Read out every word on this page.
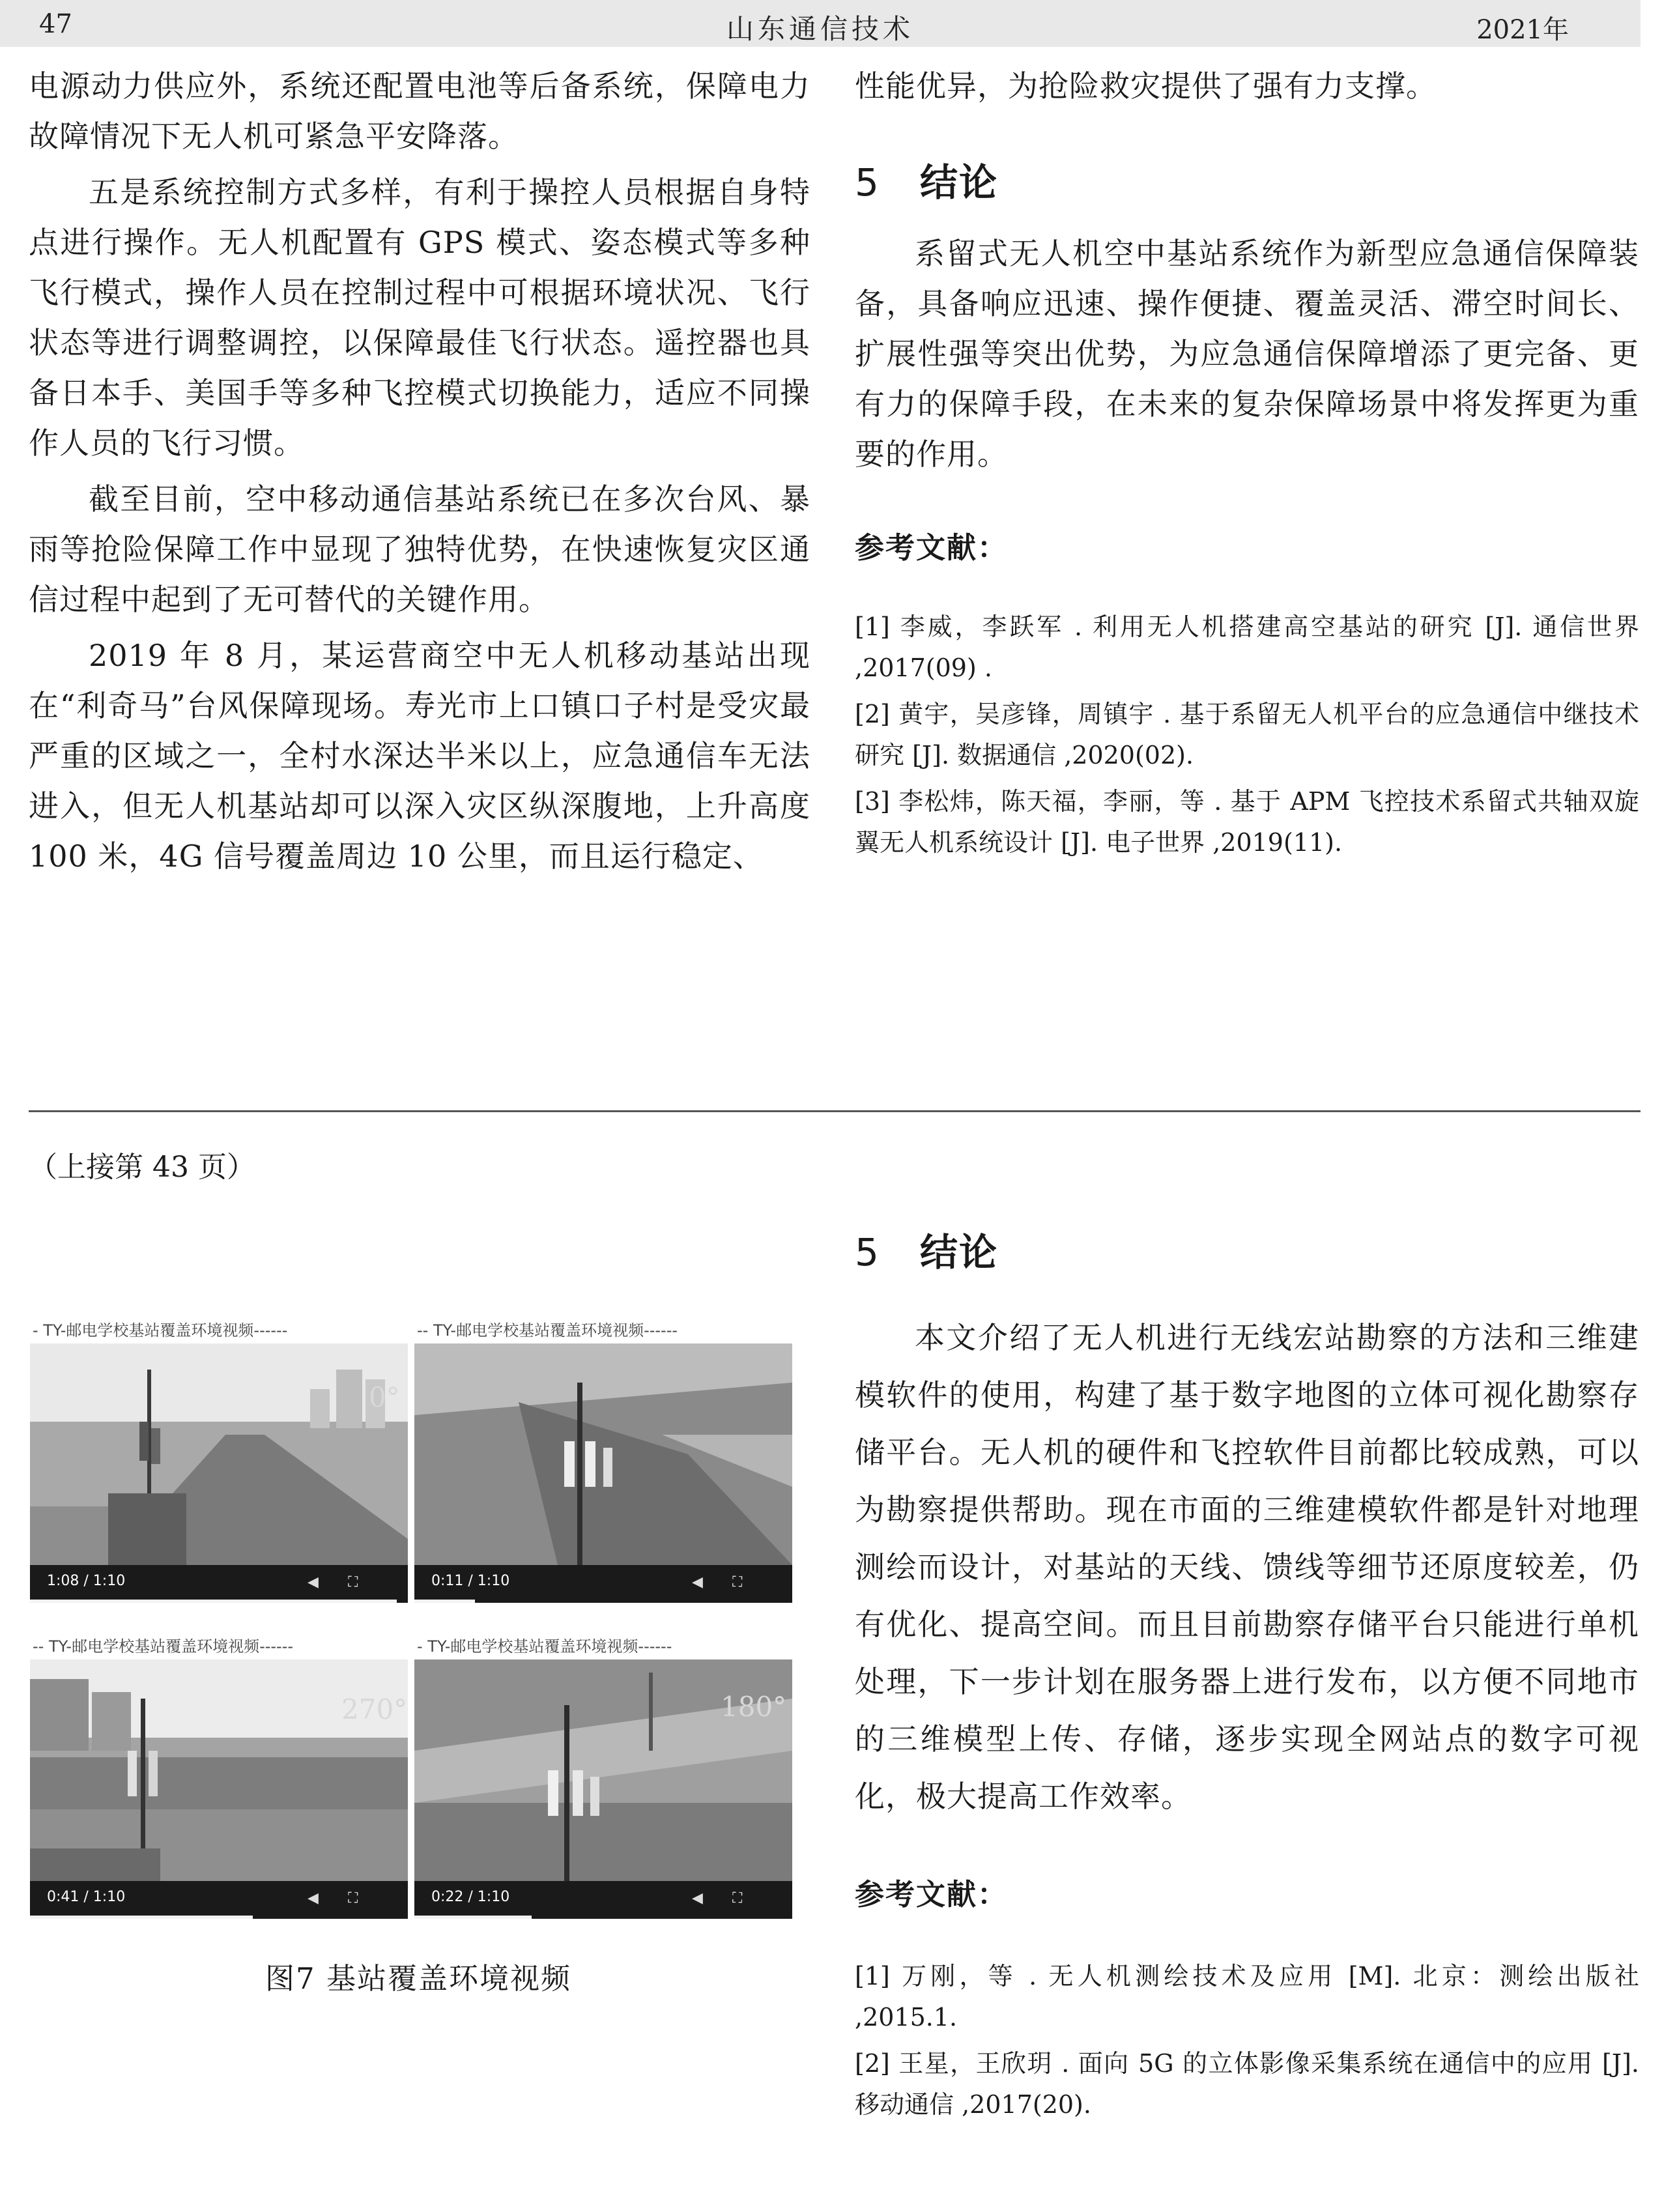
47	山东通信技术	2021年

电源动力供应外，系统还配置电池等后备系统，保障电力故障情况下无人机可紧急平安降落。

五是系统控制方式多样，有利于操控人员根据自身特点进行操作。无人机配置有 GPS 模式、姿态模式等多种飞行模式，操作人员在控制过程中可根据环境状况、飞行状态等进行调整调控，以保障最佳飞行状态。遥控器也具备日本手、美国手等多种飞控模式切换能力，适应不同操作人员的飞行习惯。

截至目前，空中移动通信基站系统已在多次台风、暴雨等抢险保障工作中显现了独特优势，在快速恢复灾区通信过程中起到了无可替代的关键作用。

2019 年 8 月，某运营商空中无人机移动基站出现在“利奇马”台风保障现场。寿光市上口镇口子村是受灾最严重的区域之一，全村水深达半米以上，应急通信车无法进入，但无人机基站却可以深入灾区纵深腹地，上升高度 100 米，4G 信号覆盖周边 10 公里，而且运行稳定、

性能优异，为抢险救灾提供了强有力支撑。

5 结论

系留式无人机空中基站系统作为新型应急通信保障装备，具备响应迅速、操作便捷、覆盖灵活、滞空时间长、扩展性强等突出优势，为应急通信保障增添了更完备、更有力的保障手段，在未来的复杂保障场景中将发挥更为重要的作用。

参考文献：

[1] 李威，李跃军 . 利用无人机搭建高空基站的研究 [J]. 通信世界 ,2017(09) .

[2] 黄宇，吴彦锋，周镇宇 . 基于系留无人机平台的应急通信中继技术研究 [J]. 数据通信 ,2020(02).

[3] 李松炜，陈天福，李丽，等 . 基于 APM 飞控技术系留式共轴双旋翼无人机系统设计 [J]. 电子世界 ,2019(11).

（上接第 43 页）
- TY-邮电学校基站覆盖环境视频------
0°
1:08 / 1:10	◀	⛶
-- TY-邮电学校基站覆盖环境视频------
0:11 / 1:10	◀	⛶
-- TY-邮电学校基站覆盖环境视频------
270°
0:41 / 1:10	◀	⛶
- TY-邮电学校基站覆盖环境视频------
180°
0:22 / 1:10	◀	⛶
图7 基站覆盖环境视频
5 结论

本文介绍了无人机进行无线宏站勘察的方法和三维建模软件的使用，构建了基于数字地图的立体可视化勘察存储平台。无人机的硬件和飞控软件目前都比较成熟，可以为勘察提供帮助。现在市面的三维建模软件都是针对地理测绘而设计，对基站的天线、馈线等细节还原度较差，仍有优化、提高空间。而且目前勘察存储平台只能进行单机处理，下一步计划在服务器上进行发布，以方便不同地市的三维模型上传、存储，逐步实现全网站点的数字可视化，极大提高工作效率。

参考文献：

[1] 万刚，等 . 无人机测绘技术及应用 [M]. 北京：测绘出版社 ,2015.1.

[2] 王星，王欣玥 . 面向 5G 的立体影像采集系统在通信中的应用 [J]. 移动通信 ,2017(20).
